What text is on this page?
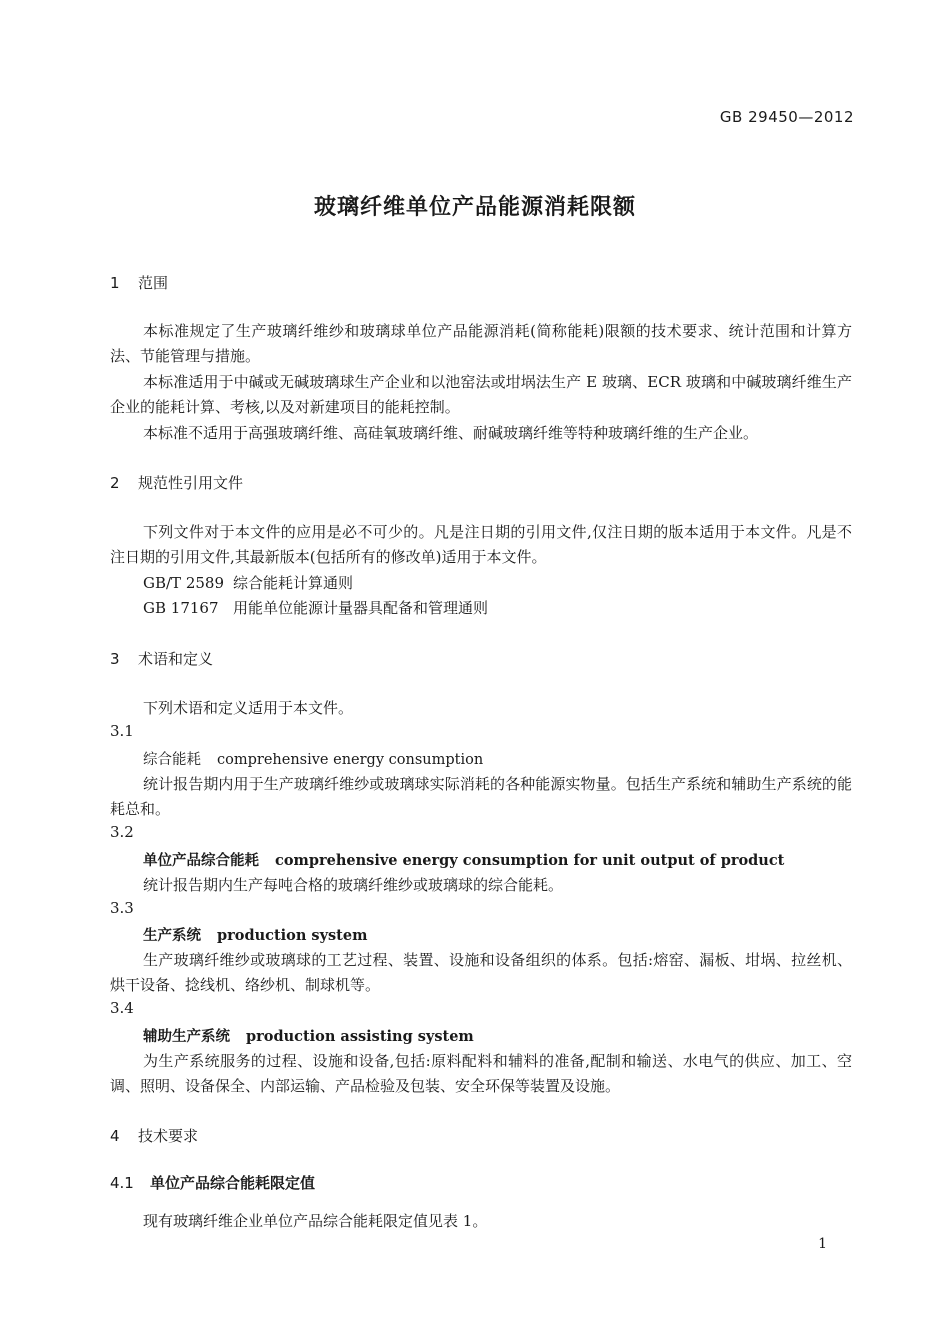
GB 29450—2012
玻璃纤维单位产品能源消耗限额
1 范围
本标准规定了生产玻璃纤维纱和玻璃球单位产品能源消耗(简称能耗)限额的技术要求、统计范围和计算方法、节能管理与措施。
本标准适用于中碱或无碱玻璃球生产企业和以池窑法或坩埚法生产 E 玻璃、ECR 玻璃和中碱玻璃纤维生产企业的能耗计算、考核,以及对新建项目的能耗控制。
本标准不适用于高强玻璃纤维、高硅氧玻璃纤维、耐碱玻璃纤维等特种玻璃纤维的生产企业。
2 规范性引用文件
下列文件对于本文件的应用是必不可少的。凡是注日期的引用文件,仅注日期的版本适用于本文件。凡是不注日期的引用文件,其最新版本(包括所有的修改单)适用于本文件。
GB/T 2589 综合能耗计算通则
GB 17167 用能单位能源计量器具配备和管理通则
3 术语和定义
下列术语和定义适用于本文件。
3.1
综合能耗 comprehensive energy consumption
统计报告期内用于生产玻璃纤维纱或玻璃球实际消耗的各种能源实物量。包括生产系统和辅助生产系统的能耗总和。
3.2
单位产品综合能耗 comprehensive energy consumption for unit output of product
统计报告期内生产每吨合格的玻璃纤维纱或玻璃球的综合能耗。
3.3
生产系统 production system
生产玻璃纤维纱或玻璃球的工艺过程、装置、设施和设备组织的体系。包括:熔窑、漏板、坩埚、拉丝机、烘干设备、捻线机、络纱机、制球机等。
3.4
辅助生产系统 production assisting system
为生产系统服务的过程、设施和设备,包括:原料配料和辅料的准备,配制和输送、水电气的供应、加工、空调、照明、设备保全、内部运输、产品检验及包装、安全环保等装置及设施。
4 技术要求
4.1 单位产品综合能耗限定值
现有玻璃纤维企业单位产品综合能耗限定值见表 1。
1
